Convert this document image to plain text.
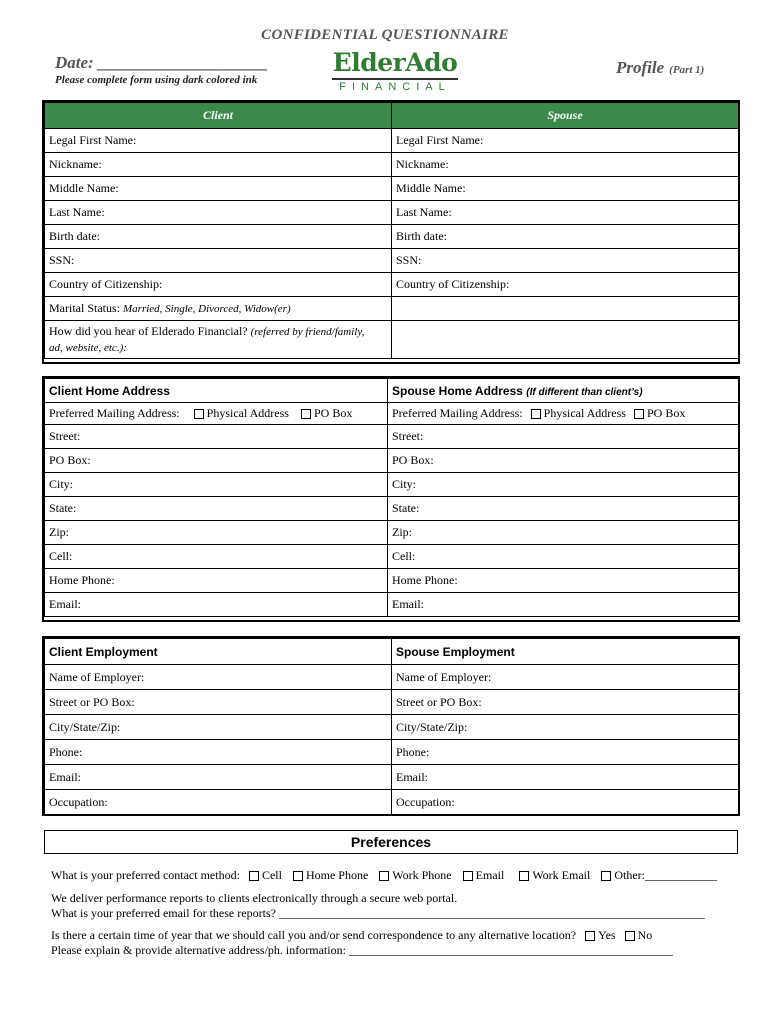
CONFIDENTIAL QUESTIONNAIRE
Date: ____________________
Please complete form using dark colored ink
ElderAdo
FINANCIAL
Profile (Part 1)
Client	Spouse
Legal First Name:	Legal First Name:
Nickname:	Nickname:
Middle Name:	Middle Name:
Last Name:	Last Name:
Birth date:	Birth date:
SSN:	SSN:
Country of Citizenship:	Country of Citizenship:
Marital Status: Married, Single, Divorced, Widow(er)	
How did you hear of Elderado Financial? (referred by friend/family,
ad, website, etc.):	
Client Home Address	Spouse Home Address (If different than client’s)
Preferred Mailing Address: Physical Address PO Box	Preferred Mailing Address: Physical Address PO Box
Street:	Street:
PO Box:	PO Box:
City:	City:
State:	State:
Zip:	Zip:
Cell:	Cell:
Home Phone:	Home Phone:
Email:	Email:
Client Employment	Spouse Employment
Name of Employer:	Name of Employer:
Street or PO Box:	Street or PO Box:
City/State/Zip:	City/State/Zip:
Phone:	Phone:
Email:	Email:
Occupation:	Occupation:
Preferences
What is your preferred contact method: Cell Home Phone Work Phone Email Work Email Other:____________
We deliver performance reports to clients electronically through a secure web portal.
What is your preferred email for these reports? _______________________________________________________________________
Is there a certain time of year that we should call you and/or send correspondence to any alternative location? Yes No
Please explain & provide alternative address/ph. information: ______________________________________________________
